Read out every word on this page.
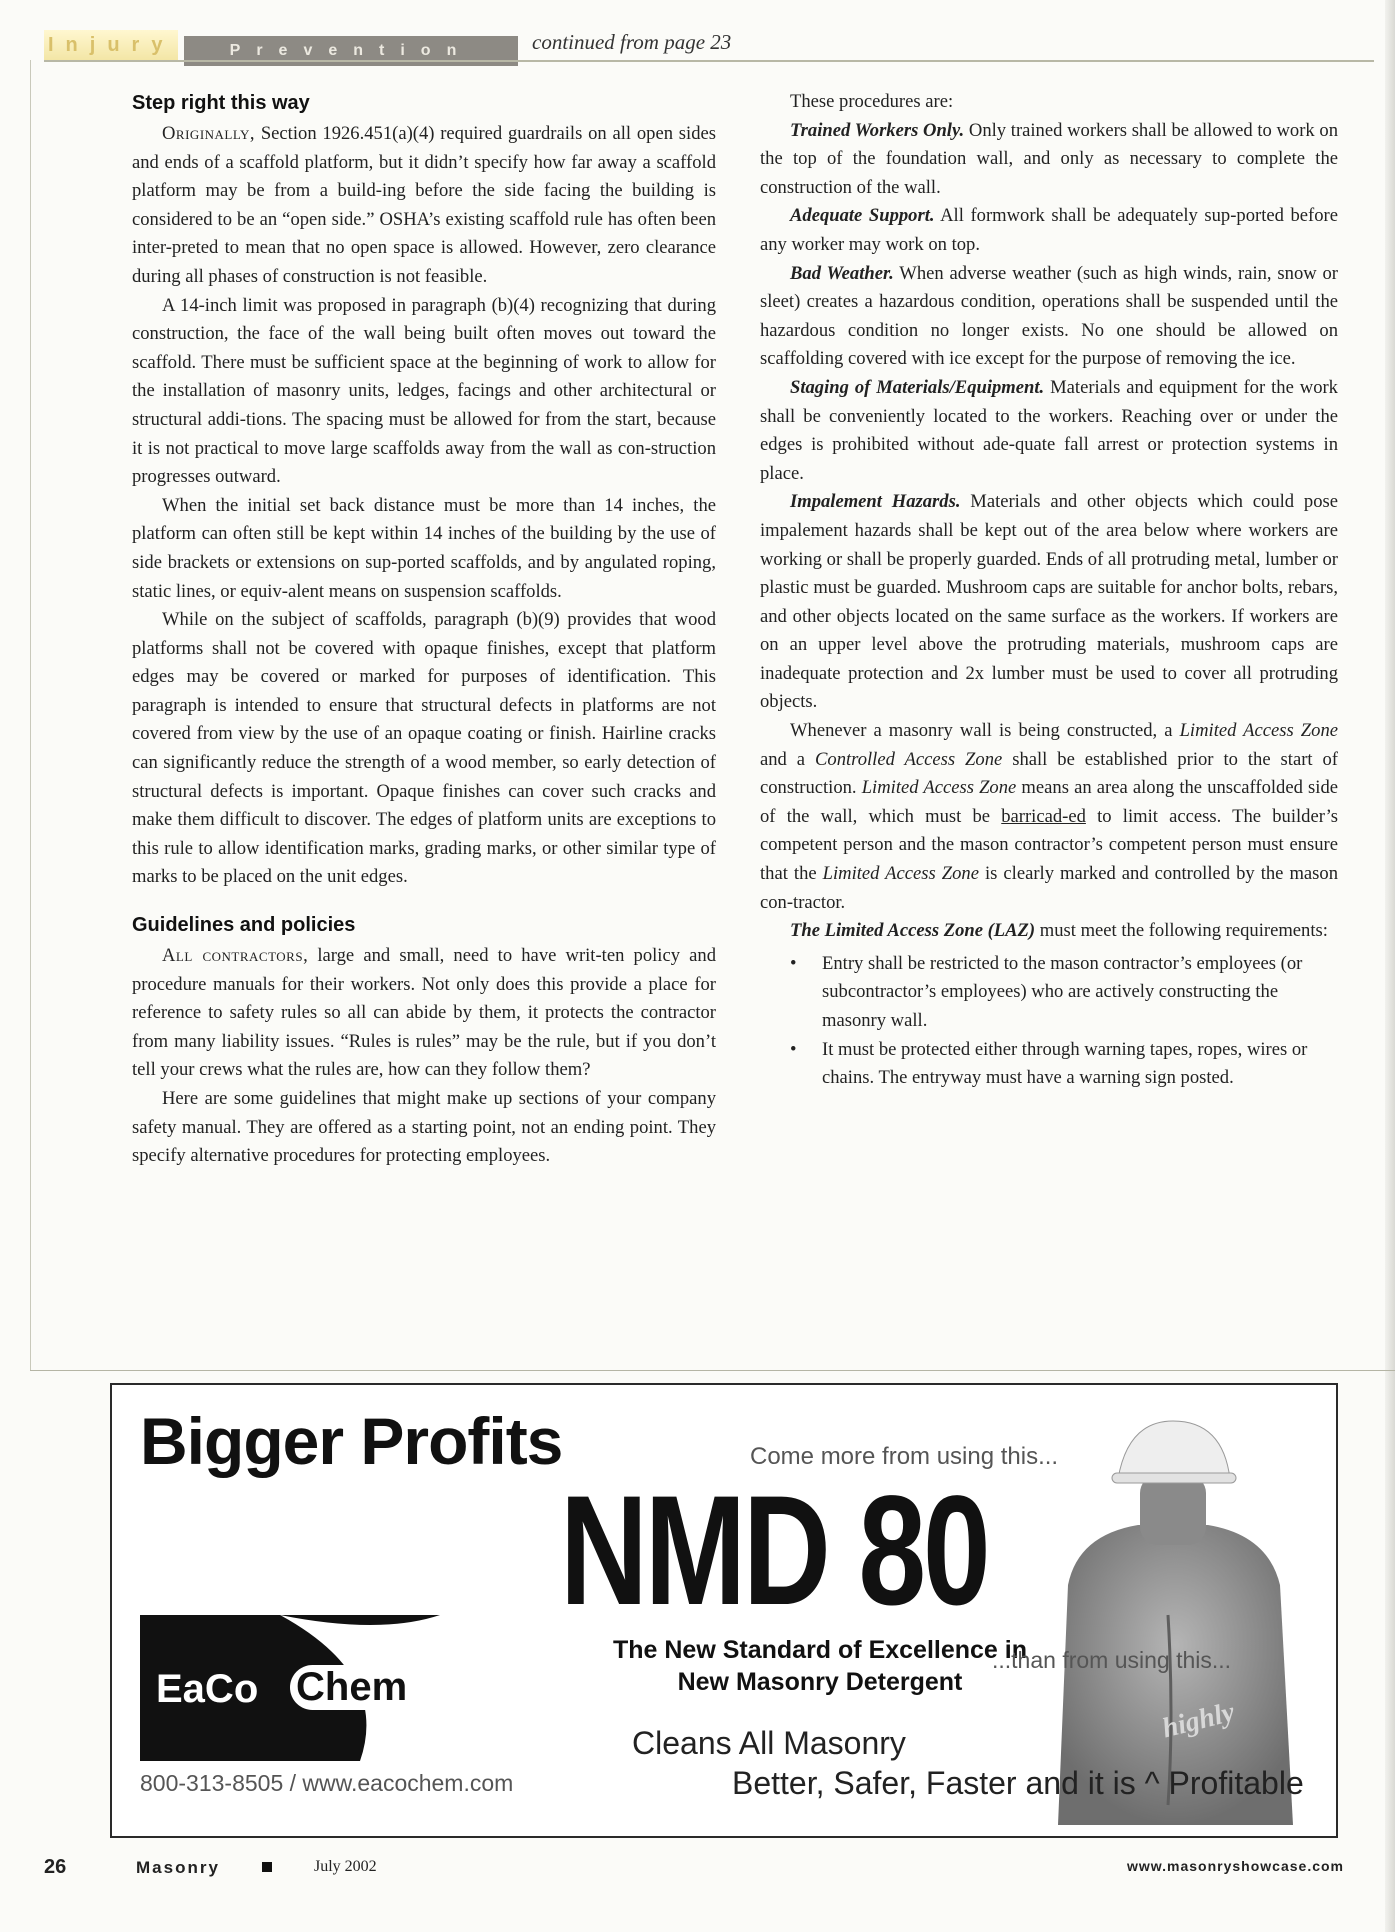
Injury	Prevention	continued from page 23
Step right this way

Originally, Section 1926.451(a)(4) required guardrails on all open sides and ends of a scaffold platform, but it didn’t specify how far away a scaffold platform may be from a build-ing before the side facing the building is considered to be an “open side.” OSHA’s existing scaffold rule has often been inter-preted to mean that no open space is allowed. However, zero clearance during all phases of construction is not feasible.

A 14-inch limit was proposed in paragraph (b)(4) recognizing that during construction, the face of the wall being built often moves out toward the scaffold. There must be sufficient space at the beginning of work to allow for the installation of masonry units, ledges, facings and other architectural or structural addi-tions. The spacing must be allowed for from the start, because it is not practical to move large scaffolds away from the wall as con-struction progresses outward.

When the initial set back distance must be more than 14 inches, the platform can often still be kept within 14 inches of the building by the use of side brackets or extensions on sup-ported scaffolds, and by angulated roping, static lines, or equiv-alent means on suspension scaffolds.

While on the subject of scaffolds, paragraph (b)(9) provides that wood platforms shall not be covered with opaque finishes, except that platform edges may be covered or marked for purposes of identification. This paragraph is intended to ensure that structural defects in platforms are not covered from view by the use of an opaque coating or finish. Hairline cracks can significantly reduce the strength of a wood member, so early detection of structural defects is important. Opaque finishes can cover such cracks and make them difficult to discover. The edges of platform units are exceptions to this rule to allow identification marks, grading marks, or other similar type of marks to be placed on the unit edges.

Guidelines and policies

All contractors, large and small, need to have writ-ten policy and procedure manuals for their workers. Not only does this provide a place for reference to safety rules so all can abide by them, it protects the contractor from many liability issues. “Rules is rules” may be the rule, but if you don’t tell your crews what the rules are, how can they follow them?

Here are some guidelines that might make up sections of your company safety manual. They are offered as a starting point, not an ending point. They specify alternative procedures for protecting employees.

These procedures are:

Trained Workers Only. Only trained workers shall be allowed to work on the top of the foundation wall, and only as necessary to complete the construction of the wall.

Adequate Support. All formwork shall be adequately sup-ported before any worker may work on top.

Bad Weather. When adverse weather (such as high winds, rain, snow or sleet) creates a hazardous condition, operations shall be suspended until the hazardous condition no longer exists. No one should be allowed on scaffolding covered with ice except for the purpose of removing the ice.

Staging of Materials/Equipment. Materials and equipment for the work shall be conveniently located to the workers. Reaching over or under the edges is prohibited without ade-quate fall arrest or protection systems in place.

Impalement Hazards. Materials and other objects which could pose impalement hazards shall be kept out of the area below where workers are working or shall be properly guarded. Ends of all protruding metal, lumber or plastic must be guarded. Mushroom caps are suitable for anchor bolts, rebars, and other objects located on the same surface as the workers. If workers are on an upper level above the protruding materials, mushroom caps are inadequate protection and 2x lumber must be used to cover all protruding objects.

Whenever a masonry wall is being constructed, a Limited Access Zone and a Controlled Access Zone shall be established prior to the start of construction. Limited Access Zone means an area along the unscaffolded side of the wall, which must be barricad-ed to limit access. The builder’s competent person and the mason contractor’s competent person must ensure that the Limited Access Zone is clearly marked and controlled by the mason con-tractor.

The Limited Access Zone (LAZ) must meet the following requirements:

• Entry shall be restricted to the mason contractor’s employees (or subcontractor’s employees) who are actively constructing the masonry wall.
• It must be protected either through warning tapes, ropes, wires or chains. The entryway must have a warning sign posted.
Bigger Profits	Come more from using this...
NMD 80
The New Standard of Excellence in
New Masonry Detergent
...than from using this...
highly
Cleans All Masonry
Better, Safer, Faster and it is ^ Profitable
EaCo Chem
800-313-8505 / www.eacochem.com
26	Masonry	July 2002	www.masonryshowcase.com
